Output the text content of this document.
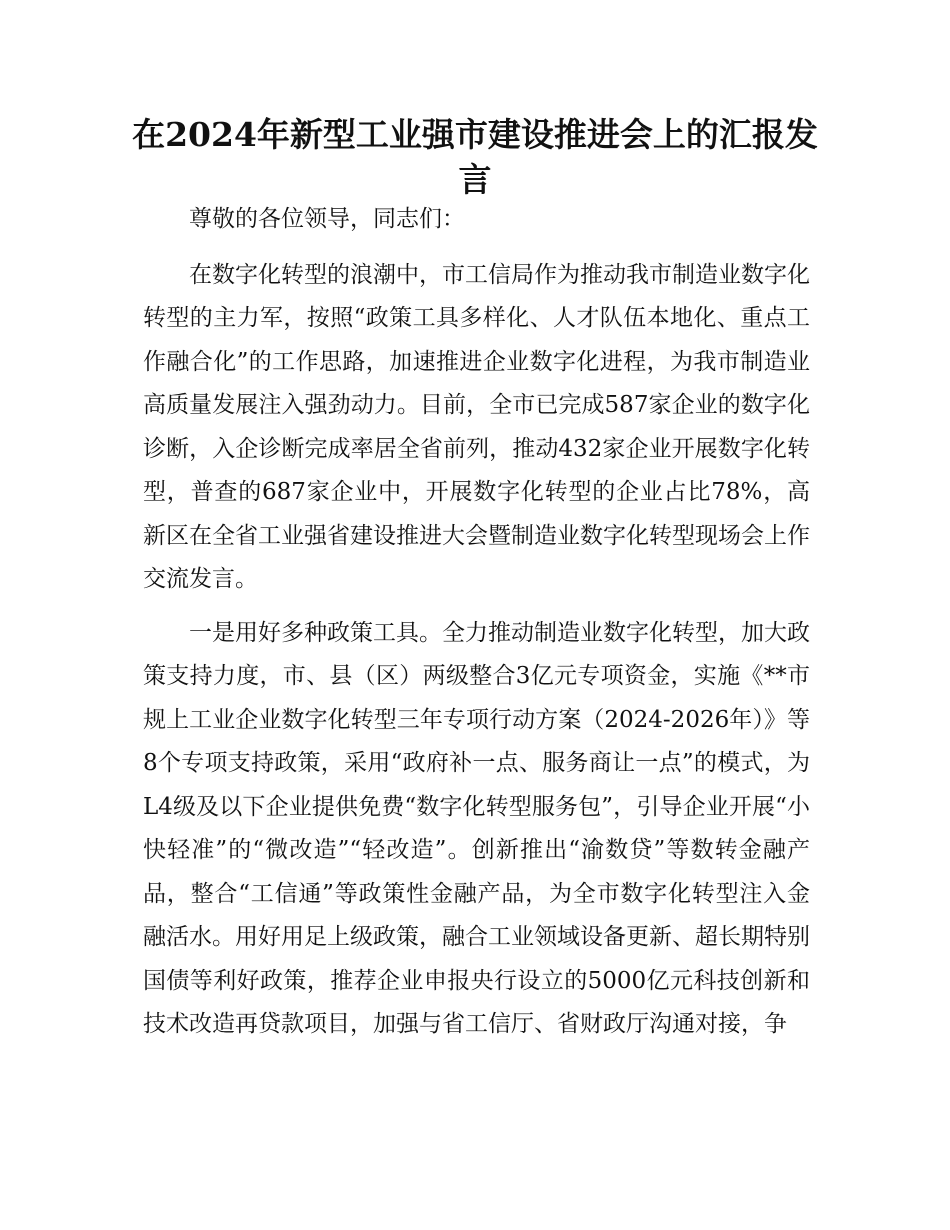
在2024年新型工业强市建设推进会上的汇报发言

尊敬的各位领导，同志们：

在数字化转型的浪潮中，市工信局作为推动我市制造业数字化转型的主力军，按照“政策工具多样化、人才队伍本地化、重点工作融合化”的工作思路，加速推进企业数字化进程，为我市制造业高质量发展注入强劲动力。目前，全市已完成587家企业的数字化诊断，入企诊断完成率居全省前列，推动432家企业开展数字化转型，普查的687家企业中，开展数字化转型的企业占比78%，高新区在全省工业强省建设推进大会暨制造业数字化转型现场会上作交流发言。

一是用好多种政策工具。全力推动制造业数字化转型，加大政策支持力度，市、县（区）两级整合3亿元专项资金，实施《**市规上工业企业数字化转型三年专项行动方案（2024-2026年）》等8个专项支持政策，采用“政府补一点、服务商让一点”的模式，为L4级及以下企业提供免费“数字化转型服务包”，引导企业开展“小快轻准”的“微改造”“轻改造”。创新推出“渝数贷”等数转金融产品，整合“工信通”等政策性金融产品，为全市数字化转型注入金融活水。用好用足上级政策，融合工业领域设备更新、超长期特别国债等利好政策，推荐企业申报央行设立的5000亿元科技创新和技术改造再贷款项目，加强与省工信厅、省财政厅沟通对接，争
